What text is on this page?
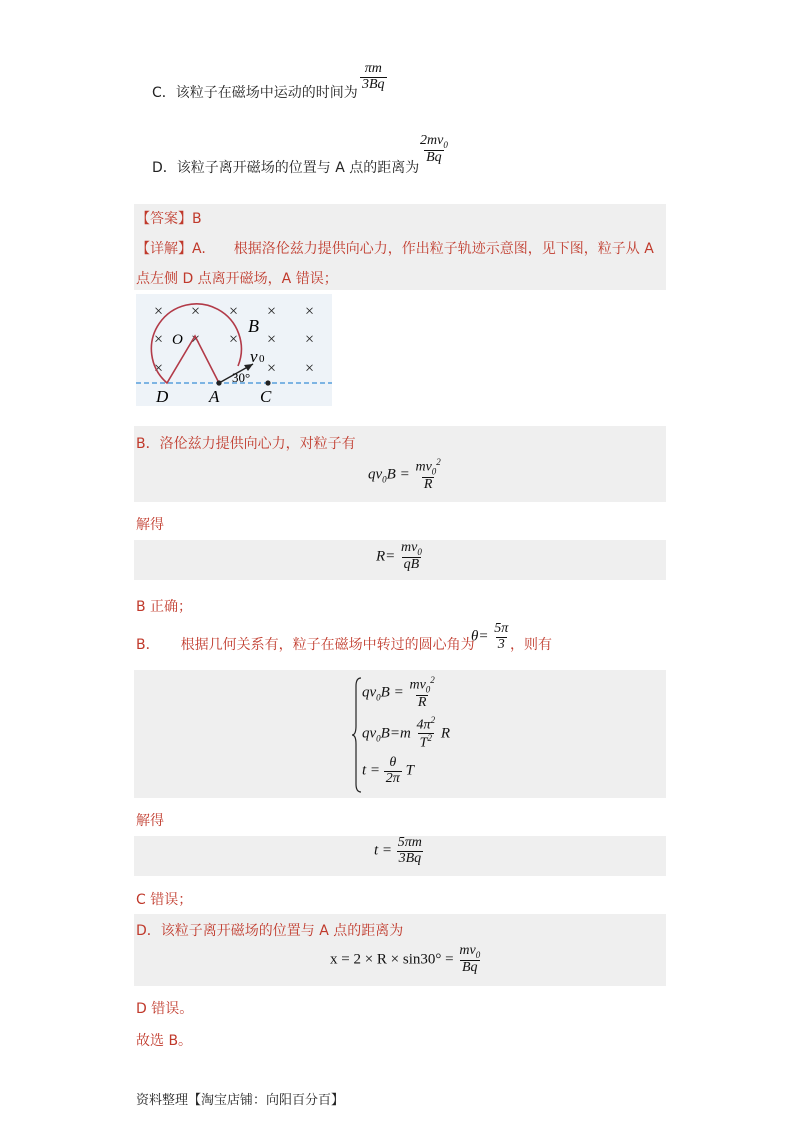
C．该粒子在磁场中运动的时间为
$\frac{\pi m}{3Bq}$
D．该粒子离开磁场的位置与 A 点的距离为
$\frac{2mv_0}{Bq}$
【答案】B
【详解】A.　　根据洛伦兹力提供向心力，作出粒子轨迹示意图，见下图，粒子从 A
点左侧 D 点离开磁场，A 错误；
× × × × ×
× × × × ×
×	× ×
O
B
v 0
30°
D A C
B．洛伦兹力提供向心力，对粒子有
$qv_0B = \frac{mv_0^2}{R}$
解得
$R= \frac{mv_0}{qB}$
B 正确；
B．　　根据几何关系有，粒子在磁场中转过的圆心角为
$\theta= \frac{5\pi}{3}$ ，则有
$qv_0B = \frac{mv_0^2}{R}$
$qv_0B=m \frac{4\pi^2}{T^2}$ R
$t = \frac{\theta}{2\pi}$ T
解得
$t = \frac{5\pi m}{3Bq}$
C 错误；
D．该粒子离开磁场的位置与 A 点的距离为
$x = 2 \times R \times \sin 30^\circ = \frac{mv_0}{Bq}$
D 错误。
故选 B。
资料整理【淘宝店铺：向阳百分百】
